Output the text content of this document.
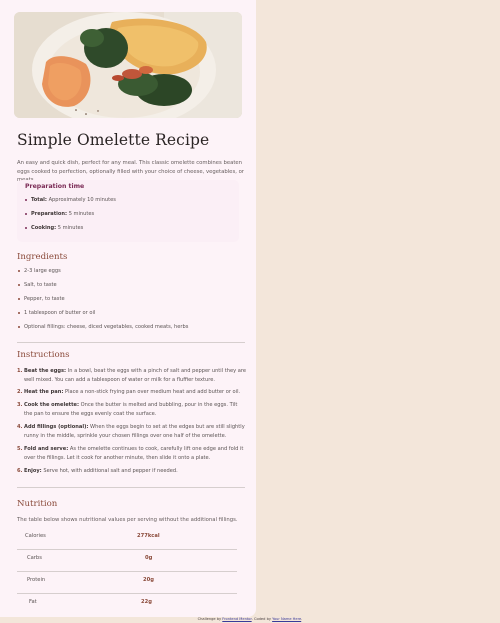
Simple Omelette Recipe

An easy and quick dish, perfect for any meal. This classic omelette combines beaten eggs cooked to perfection, optionally filled with your choice of cheese, vegetables, or

Preparation time
Total: Approximately 10 minutes
Preparation: 5 minutes
Cooking: 5 minutes
Ingredients
2-3 large eggs
Salt, to taste
Pepper, to taste
1 tablespoon of butter or oil
Optional fillings: cheese, diced vegetables, cooked meats, herbs
Instructions
1. Beat the eggs: In a bowl, beat the eggs with a pinch of salt and pepper until they are well mixed. You can add a tablespoon of water or milk for a fluffier texture.
2. Heat the pan: Place a non-stick frying pan over medium heat and add butter or oil.
3. Cook the omelette: Once the butter is melted and bubbling, pour in the eggs. Tilt the pan to ensure the eggs evenly coat the surface.
4. Add fillings (optional): When the eggs begin to set at the edges but are still slightly runny in the middle, sprinkle your chosen fillings over one half of the omelette.
5. Fold and serve: As the omelette continues to cook, carefully lift one edge and fold it over the fillings. Let it cook for another minute, then slide it onto a plate.
6. Enjoy: Serve hot, with additional salt and pepper if needed.
Nutrition

The table below shows nutritional values per serving without the additional fillings.

Calories	277kcal
Carbs	0g
Protein	20g
Fat	22g
Challenge by Frontend Mentor. Coded by Your Name Here.
